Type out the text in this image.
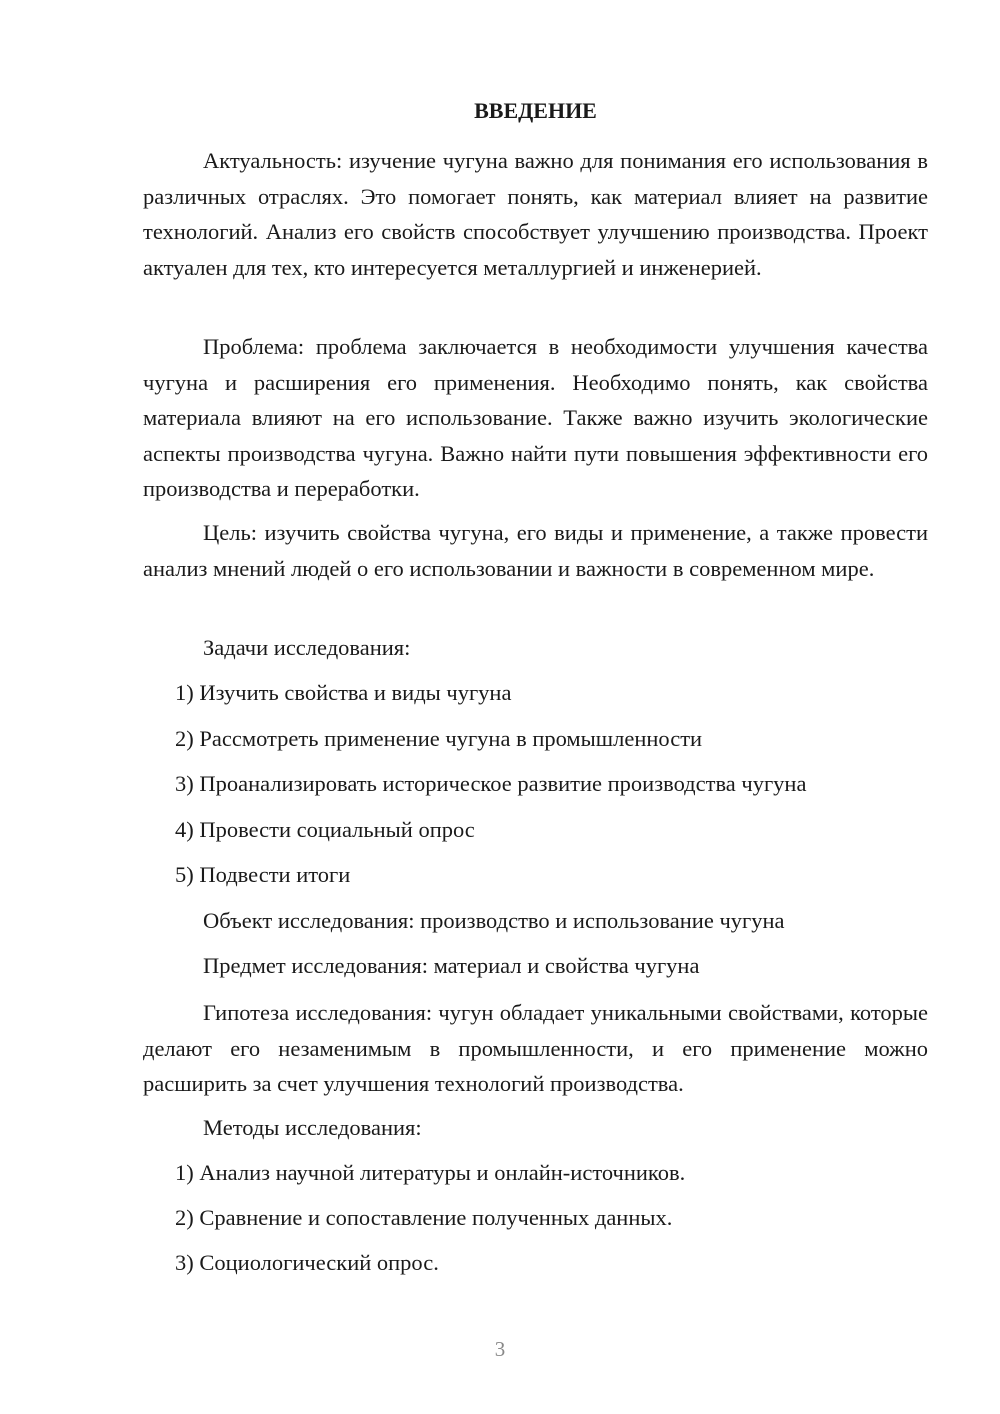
ВВЕДЕНИЕ

Актуальность: изучение чугуна важно для понимания его использования в различных отраслях. Это помогает понять, как материал влияет на развитие технологий. Анализ его свойств способствует улучшению производства. Проект актуален для тех, кто интересуется металлургией и инженерией.

Проблема: проблема заключается в необходимости улучшения качества чугуна и расширения его применения. Необходимо понять, как свойства материала влияют на его использование. Также важно изучить экологические аспекты производства чугуна. Важно найти пути повышения эффективности его производства и переработки.

Цель: изучить свойства чугуна, его виды и применение, а также провести анализ мнений людей о его использовании и важности в современном мире.

Задачи исследования:

1) Изучить свойства и виды чугуна

2) Рассмотреть применение чугуна в промышленности

3) Проанализировать историческое развитие производства чугуна

4) Провести социальный опрос

5) Подвести итоги

Объект исследования: производство и использование чугуна

Предмет исследования: материал и свойства чугуна

Гипотеза исследования: чугун обладает уникальными свойствами, которые делают его незаменимым в промышленности, и его применение можно расширить за счет улучшения технологий производства.

Методы исследования:

1) Анализ научной литературы и онлайн-источников.

2) Сравнение и сопоставление полученных данных.

3) Социологический опрос.

3
